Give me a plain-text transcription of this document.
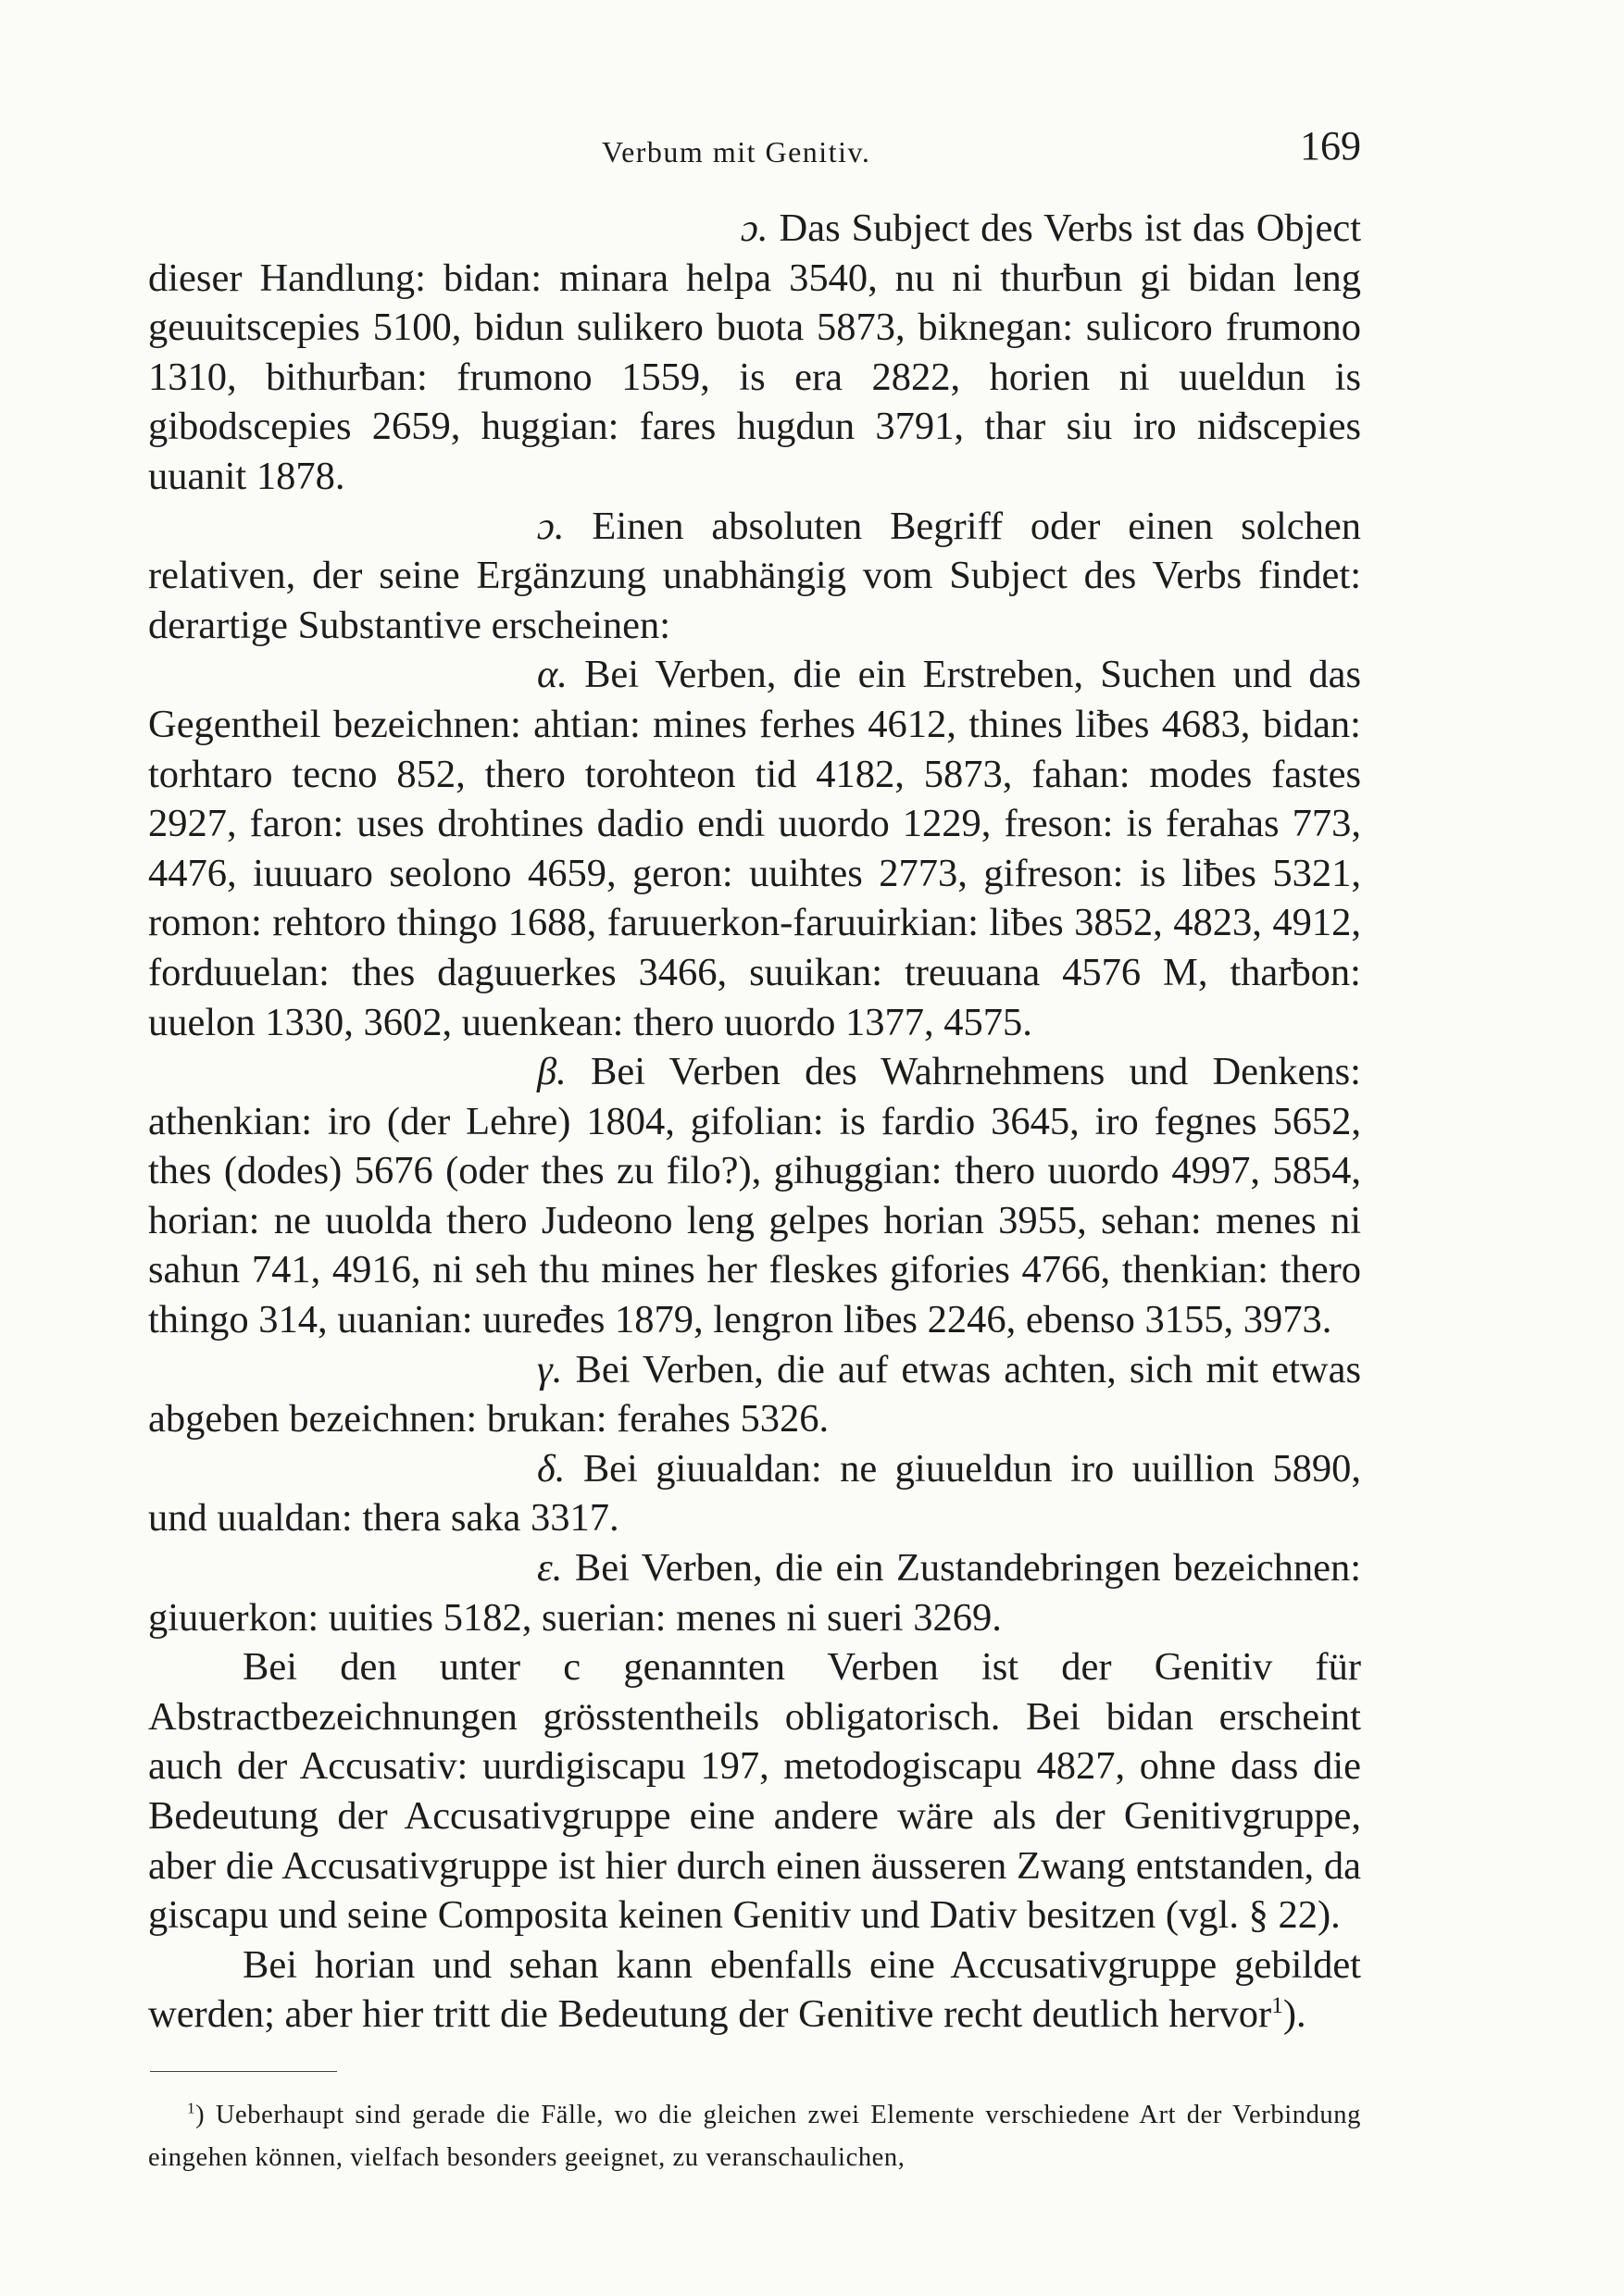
Verbum mit Genitiv.	169

ɔ. Das Subject des Verbs ist das Object dieser Handlung: bidan: minara helpa 3540, nu ni thurƀun gi bidan leng geuuitscepies 5100, bidun sulikero buota 5873, biknegan: sulicoro frumono 1310, bithurƀan: frumono 1559, is era 2822, horien ni uueldun is gibodscepies 2659, huggian: fares hugdun 3791, thar siu iro niđscepies uuanit 1878.

ɔ. Einen absoluten Begriff oder einen solchen relativen, der seine Ergänzung unabhängig vom Subject des Verbs findet: derartige Substantive erscheinen:

α. Bei Verben, die ein Erstreben, Suchen und das Gegentheil bezeichnen: ahtian: mines ferhes 4612, thines liƀes 4683, bidan: torhtaro tecno 852, thero torohteon tid 4182, 5873, fahan: modes fastes 2927, faron: uses drohtines dadio endi uuordo 1229, freson: is ferahas 773, 4476, iuuuaro seolono 4659, geron: uuihtes 2773, gifreson: is liƀes 5321, romon: rehtoro thingo 1688, faruuerkon-faruuirkian: liƀes 3852, 4823, 4912, forduuelan: thes daguuerkes 3466, suuikan: treuuana 4576 M, tharƀon: uuelon 1330, 3602, uuenkean: thero uuordo 1377, 4575.

β. Bei Verben des Wahrnehmens und Denkens: athenkian: iro (der Lehre) 1804, gifolian: is fardio 3645, iro fegnes 5652, thes (dodes) 5676 (oder thes zu filo?), gihuggian: thero uuordo 4997, 5854, horian: ne uuolda thero Judeono leng gelpes horian 3955, sehan: menes ni sahun 741, 4916, ni seh thu mines her fleskes gifories 4766, thenkian: thero thingo 314, uuanian: uuređes 1879, lengron liƀes 2246, ebenso 3155, 3973.

γ. Bei Verben, die auf etwas achten, sich mit etwas abgeben bezeichnen: brukan: ferahes 5326.

δ. Bei giuualdan: ne giuueldun iro uuillion 5890, und uualdan: thera saka 3317.

ε. Bei Verben, die ein Zustandebringen bezeichnen: giuuerkon: uuities 5182, suerian: menes ni sueri 3269.

Bei den unter c genannten Verben ist der Genitiv für Abstractbezeichnungen grösstentheils obligatorisch. Bei bidan erscheint auch der Accusativ: uurdigiscapu 197, metodogiscapu 4827, ohne dass die Bedeutung der Accusativgruppe eine andere wäre als der Genitivgruppe, aber die Accusativgruppe ist hier durch einen äusseren Zwang entstanden, da giscapu und seine Composita keinen Genitiv und Dativ besitzen (vgl. § 22).

Bei horian und sehan kann ebenfalls eine Accusativgruppe gebildet werden; aber hier tritt die Bedeutung der Genitive recht deutlich hervor$^1$).

$^1$) Ueberhaupt sind gerade die Fälle, wo die gleichen zwei Elemente verschiedene Art der Verbindung eingehen können, vielfach besonders geeignet, zu veranschaulichen,
